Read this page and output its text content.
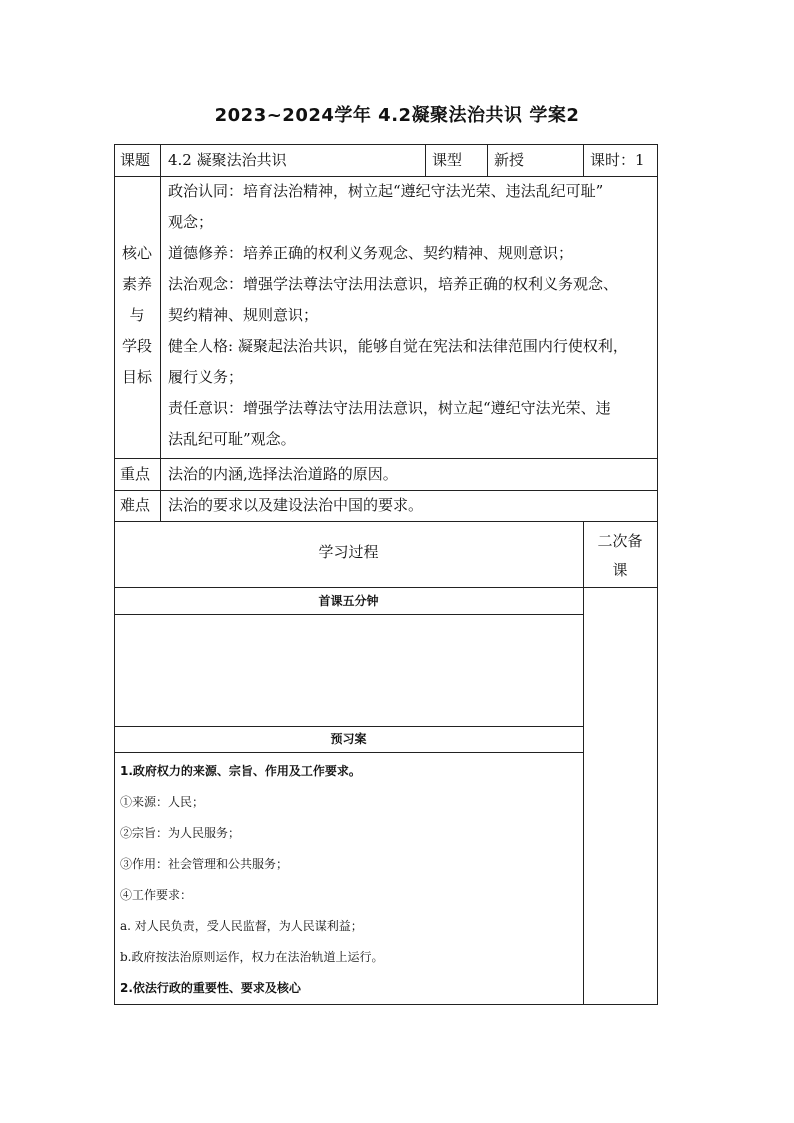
2023~2024学年 4.2凝聚法治共识 学案2
课题 4.2 凝聚法治共识	课型 新授	课时：1
核心
素养
与
学段
目标

政治认同：培育法治精神，树立起“遵纪守法光荣、违法乱纪可耻”

观念；

道德修养：培养正确的权利义务观念、契约精神、规则意识；

法治观念：增强学法尊法守法用法意识，培养正确的权利义务观念、

契约精神、规则意识；

健全人格: 凝聚起法治共识，能够自觉在宪法和法律范围内行使权利，

履行义务；

责任意识：增强学法尊法守法用法意识，树立起“遵纪守法光荣、违

法乱纪可耻”观念。

重点 法治的内涵,选择法治道路的原因。
难点 法治的要求以及建设法治中国的要求。
学习过程
二次备
课
首课五分钟
预习案

1.政府权力的来源、宗旨、作用及工作要求。

①来源：人民；

②宗旨：为人民服务；

③作用：社会管理和公共服务；

④工作要求：

a. 对人民负责，受人民监督，为人民谋利益；

b.政府按法治原则运作，权力在法治轨道上运行。

2.依法行政的重要性、要求及核心
